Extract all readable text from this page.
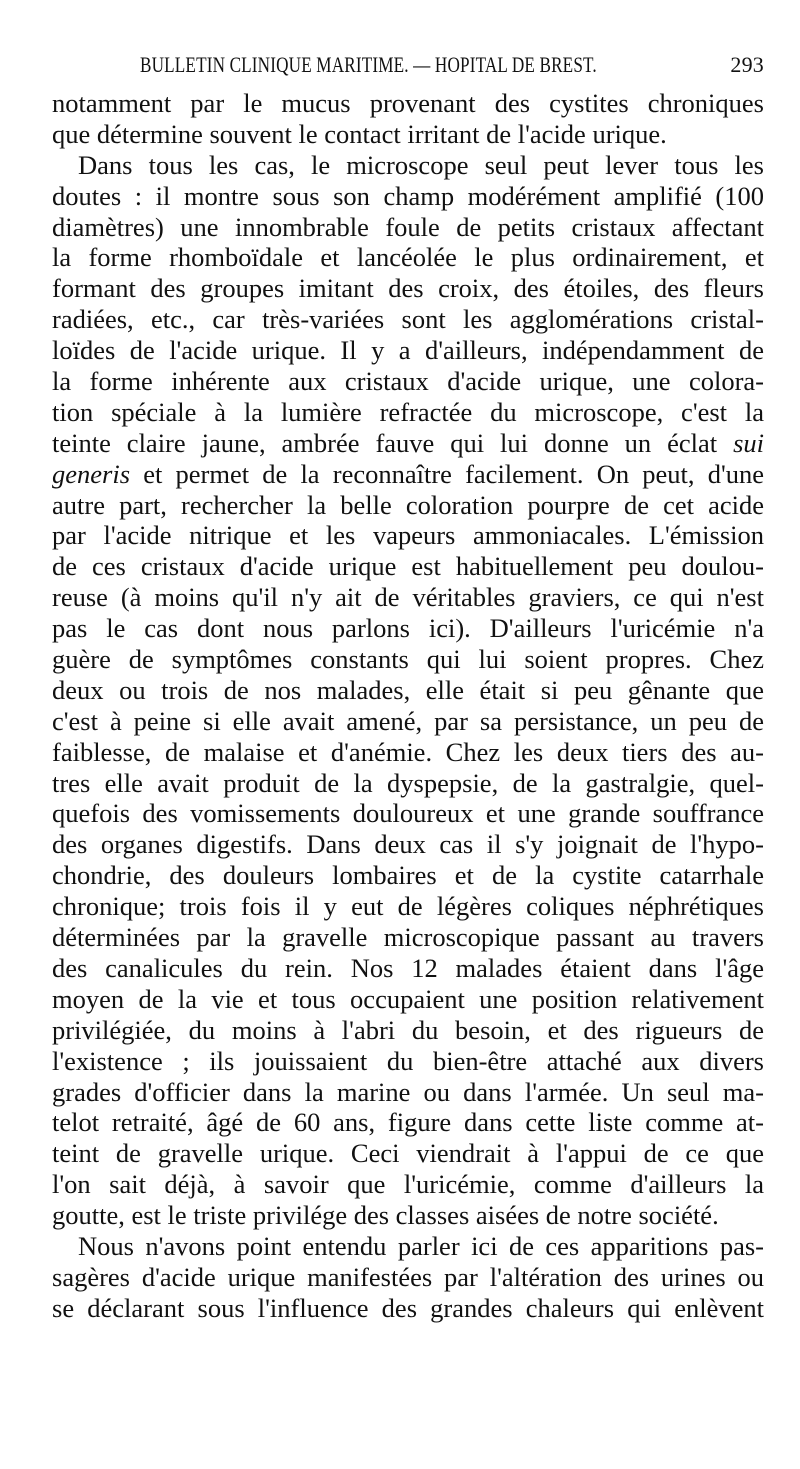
BULLETIN CLINIQUE MARITIME. — HOPITAL DE BREST.	293
notamment par le mucus provenant des cystites chroniques
que détermine souvent le contact irritant de l'acide urique.
Dans tous les cas, le microscope seul peut lever tous les
doutes : il montre sous son champ modérément amplifié (100
diamètres) une innombrable foule de petits cristaux affectant
la forme rhomboïdale et lancéolée le plus ordinairement, et
formant des groupes imitant des croix, des étoiles, des fleurs
radiées, etc., car très-variées sont les agglomérations cristal-
loïdes de l'acide urique. Il y a d'ailleurs, indépendamment de
la forme inhérente aux cristaux d'acide urique, une colora-
tion spéciale à la lumière refractée du microscope, c'est la
teinte claire jaune, ambrée fauve qui lui donne un éclat sui
generis et permet de la reconnaître facilement. On peut, d'une
autre part, rechercher la belle coloration pourpre de cet acide
par l'acide nitrique et les vapeurs ammoniacales. L'émission
de ces cristaux d'acide urique est habituellement peu doulou-
reuse (à moins qu'il n'y ait de véritables graviers, ce qui n'est
pas le cas dont nous parlons ici). D'ailleurs l'uricémie n'a
guère de symptômes constants qui lui soient propres. Chez
deux ou trois de nos malades, elle était si peu gênante que
c'est à peine si elle avait amené, par sa persistance, un peu de
faiblesse, de malaise et d'anémie. Chez les deux tiers des au-
tres elle avait produit de la dyspepsie, de la gastralgie, quel-
quefois des vomissements douloureux et une grande souffrance
des organes digestifs. Dans deux cas il s'y joignait de l'hypo-
chondrie, des douleurs lombaires et de la cystite catarrhale
chronique; trois fois il y eut de légères coliques néphrétiques
déterminées par la gravelle microscopique passant au travers
des canalicules du rein. Nos 12 malades étaient dans l'âge
moyen de la vie et tous occupaient une position relativement
privilégiée, du moins à l'abri du besoin, et des rigueurs de
l'existence ; ils jouissaient du bien-être attaché aux divers
grades d'officier dans la marine ou dans l'armée. Un seul ma-
telot retraité, âgé de 60 ans, figure dans cette liste comme at-
teint de gravelle urique. Ceci viendrait à l'appui de ce que
l'on sait déjà, à savoir que l'uricémie, comme d'ailleurs la
goutte, est le triste privilége des classes aisées de notre société.
Nous n'avons point entendu parler ici de ces apparitions pas-
sagères d'acide urique manifestées par l'altération des urines ou
se déclarant sous l'influence des grandes chaleurs qui enlèvent
